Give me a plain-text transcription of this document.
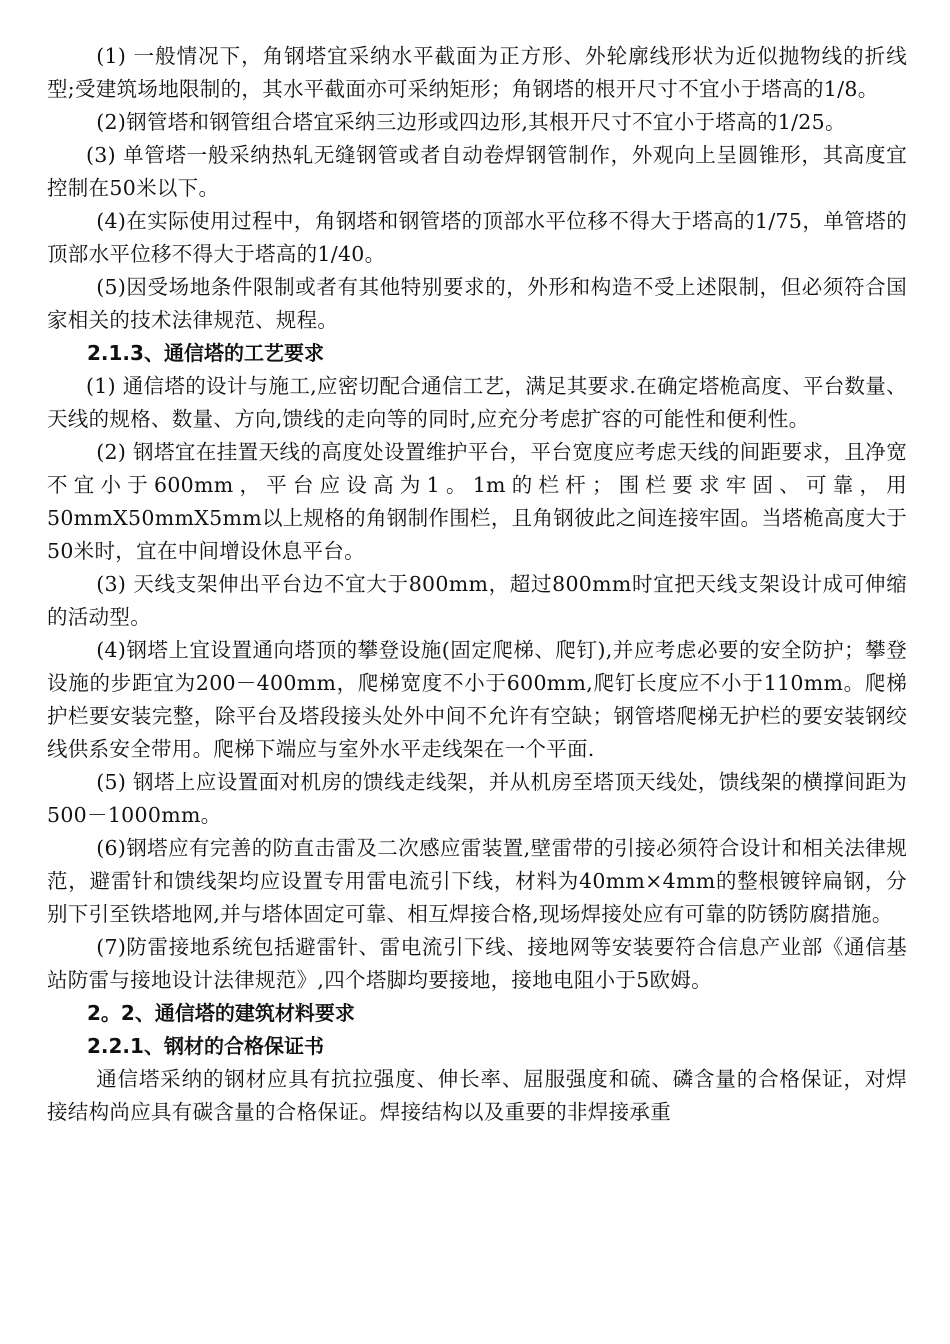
(1) 一般情况下，角钢塔宜采纳水平截面为正方形、外轮廓线形状为近似抛物线的折线型;受建筑场地限制的，其水平截面亦可采纳矩形；角钢塔的根开尺寸不宜小于塔高的1/8。

(2)钢管塔和钢管组合塔宜采纳三边形或四边形,其根开尺寸不宜小于塔高的1/25。

(3) 单管塔一般采纳热轧无缝钢管或者自动卷焊钢管制作，外观向上呈圆锥形，其高度宜控制在50米以下。

(4)在实际使用过程中，角钢塔和钢管塔的顶部水平位移不得大于塔高的1/75，单管塔的顶部水平位移不得大于塔高的1/40。

(5)因受场地条件限制或者有其他特别要求的，外形和构造不受上述限制，但必须符合国家相关的技术法律规范、规程。

2.1.3、通信塔的工艺要求

(1) 通信塔的设计与施工,应密切配合通信工艺，满足其要求.在确定塔桅高度、平台数量、天线的规格、数量、方向,馈线的走向等的同时,应充分考虑扩容的可能性和便利性。

(2) 钢塔宜在挂置天线的高度处设置维护平台，平台宽度应考虑天线的间距要求，且净宽不宜小于600mm，平台应设高为1。1m的栏杆；围栏要求牢固、可靠，用50mmX50mmX5mm以上规格的角钢制作围栏，且角钢彼此之间连接牢固。当塔桅高度大于50米时，宜在中间增设休息平台。

(3) 天线支架伸出平台边不宜大于800mm，超过800mm时宜把天线支架设计成可伸缩的活动型。

(4)钢塔上宜设置通向塔顶的攀登设施(固定爬梯、爬钉),并应考虑必要的安全防护；攀登设施的步距宜为200－400mm，爬梯宽度不小于600mm,爬钉长度应不小于110mm。爬梯护栏要安装完整，除平台及塔段接头处外中间不允许有空缺；钢管塔爬梯无护栏的要安装钢绞线供系安全带用。爬梯下端应与室外水平走线架在一个平面.

(5) 钢塔上应设置面对机房的馈线走线架，并从机房至塔顶天线处，馈线架的横撑间距为500－1000mm。

(6)钢塔应有完善的防直击雷及二次感应雷装置,壁雷带的引接必须符合设计和相关法律规范，避雷针和馈线架均应设置专用雷电流引下线，材料为40mm×4mm的整根镀锌扁钢，分别下引至铁塔地网,并与塔体固定可靠、相互焊接合格,现场焊接处应有可靠的防锈防腐措施。

(7)防雷接地系统包括避雷针、雷电流引下线、接地网等安装要符合信息产业部《通信基站防雷与接地设计法律规范》,四个塔脚均要接地，接地电阻小于5欧姆。

2。2、通信塔的建筑材料要求

2.2.1、钢材的合格保证书

通信塔采纳的钢材应具有抗拉强度、伸长率、屈服强度和硫、磷含量的合格保证，对焊接结构尚应具有碳含量的合格保证。焊接结构以及重要的非焊接承重
